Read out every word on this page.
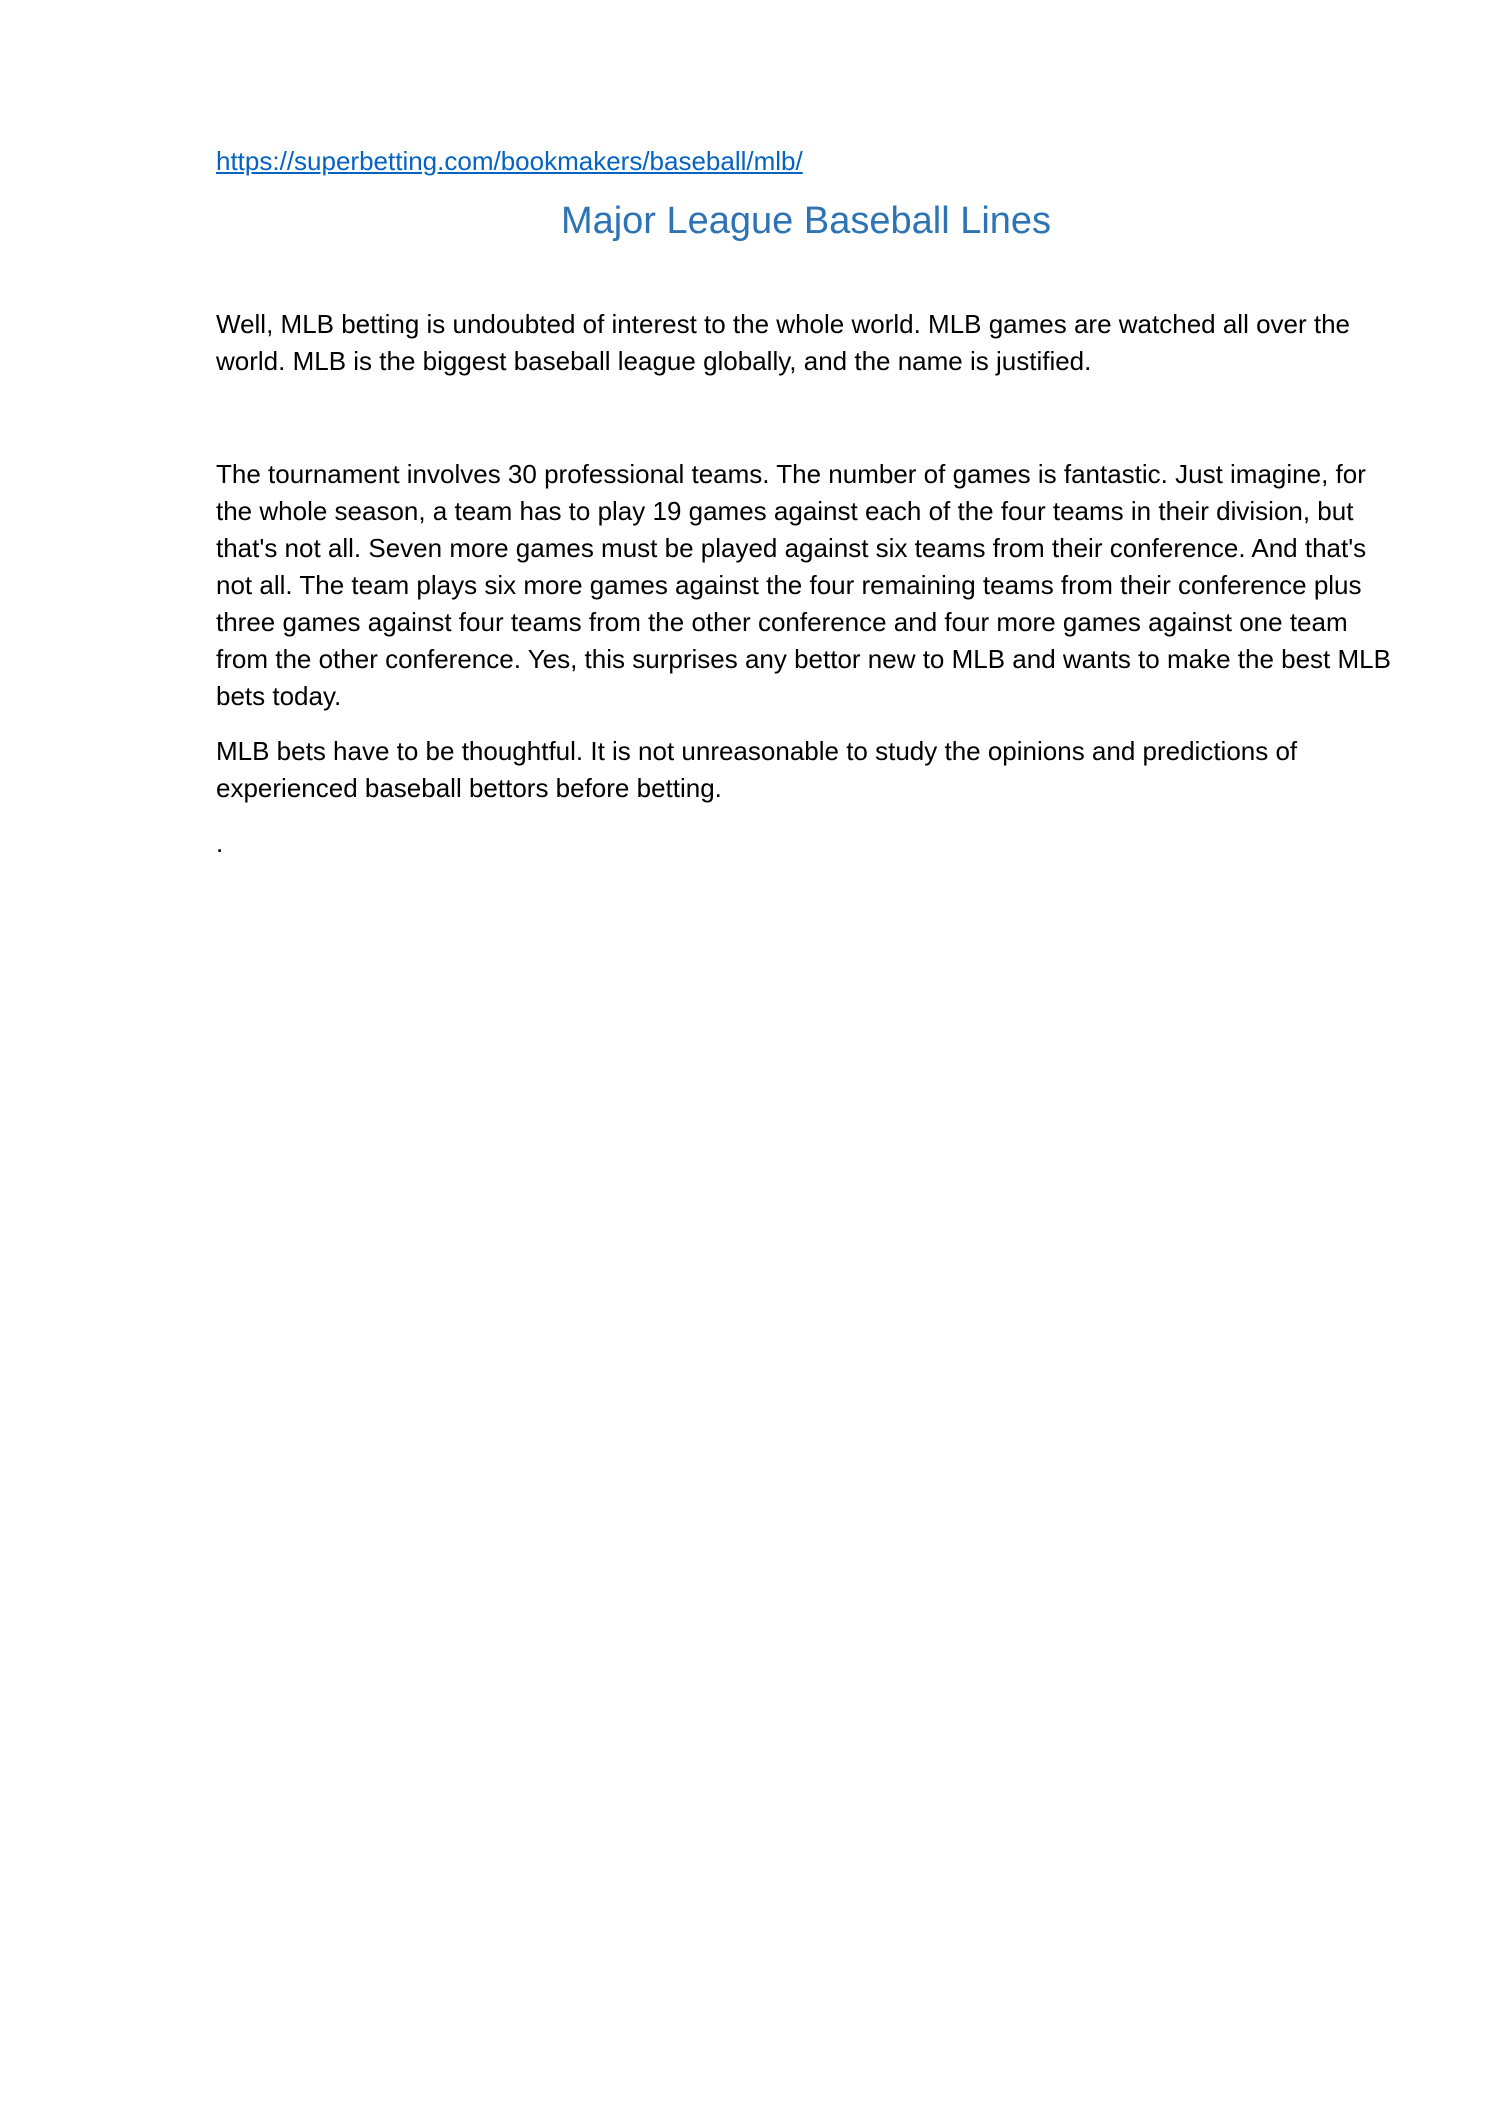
https://superbetting.com/bookmakers/baseball/mlb/
Major League Baseball Lines

Well, MLB betting is undoubted of interest to the whole world. MLB games are watched all over the world. MLB is the biggest baseball league globally, and the name is justified.

The tournament involves 30 professional teams. The number of games is fantastic. Just imagine, for the whole season, a team has to play 19 games against each of the four teams in their division, but that's not all. Seven more games must be played against six teams from their conference. And that's not all. The team plays six more games against the four remaining teams from their conference plus three games against four teams from the other conference and four more games against one team from the other conference. Yes, this surprises any bettor new to MLB and wants to make the best MLB bets today.

MLB bets have to be thoughtful. It is not unreasonable to study the opinions and predictions of experienced baseball bettors before betting.

.
